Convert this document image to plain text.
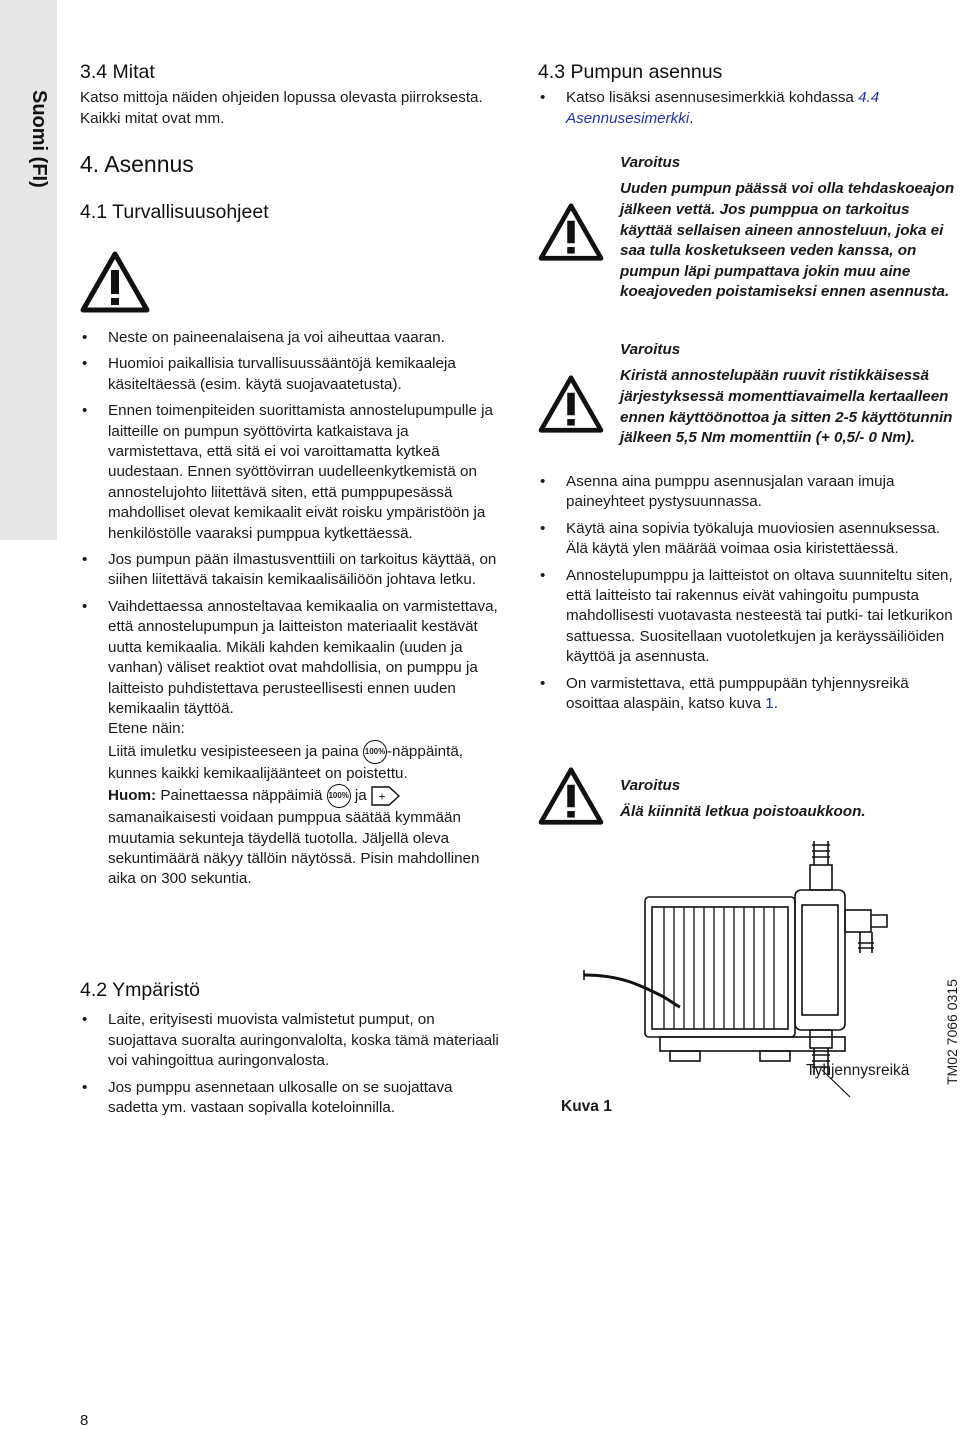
Suomi (FI)
3.4 Mitat

Katso mittoja näiden ohjeiden lopussa olevasta piirroksesta. Kaikki mitat ovat mm.

4. Asennus
4.1 Turvallisuusohjeet
• Neste on paineenalaisena ja voi aiheuttaa vaaran.
• Huomioi paikallisia turvallisuussääntöjä kemikaaleja käsiteltäessä (esim. käytä suojavaatetusta).
• Ennen toimenpiteiden suorittamista annostelupumpulle ja laitteille on pumpun syöttövirta katkaistava ja varmistettava, että sitä ei voi varoittamatta kytkeä uudestaan. Ennen syöttövirran uudelleenkytkemistä on annostelujohto liitettävä siten, että pumppupesässä mahdolliset olevat kemikaalit eivät roisku ympäristöön ja henkilöstölle vaaraksi pumppua kytkettäessä.
• Jos pumpun pään ilmastusventtiili on tarkoitus käyttää, on siihen liitettävä takaisin kemikaalisäiliöön johtava letku.

• Vaihdettaessa annosteltavaa kemikaalia on varmistettava, että annostelupumpun ja laitteiston materiaalit kestävät uutta kemikaalia. Mikäli kahden kemikaalin (uuden ja vanhan) väliset reaktiot ovat mahdollisia, on pumppu ja laitteisto puhdistettava perusteellisesti ennen uuden kemikaalin täyttöä.

Etene näin:

Liitä imuletku vesipisteeseen ja paina 100% -näppäintä, kunnes kaikki kemikaalijäänteet on poistettu.

Huom: Painettaessa näppäimiä 100% ja +
samanaikaisesti voidaan pumppua säätää kymmään muutamia sekunteja täydellä tuotolla. Jäljellä oleva sekuntimäärä näkyy tällöin näytössä. Pisin mahdollinen aika on 300 sekuntia.

4.2 Ympäristö
• Laite, erityisesti muovista valmistetut pumput, on suojattava suoralta auringonvalolta, koska tämä materiaali voi vahingoittua auringonvalosta.
• Jos pumppu asennetaan ulkosalle on se suojattava sadetta ym. vastaan sopivalla koteloinnilla.
4.3 Pumpun asennus
• Katso lisäksi asennusesimerkkiä kohdassa 4.4 Asennusesimerkki.
Varoitus
Uuden pumpun päässä voi olla tehdaskoeajon jälkeen vettä. Jos pumppua on tarkoitus käyttää sellaisen aineen annosteluun, joka ei saa tulla kosketukseen veden kanssa, on pumpun läpi pumpattava jokin muu aine koeajoveden poistamiseksi ennen asennusta.
Varoitus
Kiristä annostelupään ruuvit ristikkäisessä järjestyksessä momenttiavaimella kertaalleen ennen käyttöönottoa ja sitten 2-5 käyttötunnin jälkeen 5,5 Nm momenttiin (+ 0,5/- 0 Nm).
• Asenna aina pumppu asennusjalan varaan imuja paineyhteet pystysuunnassa.
• Käytä aina sopivia työkaluja muoviosien asennuksessa. Älä käytä ylen määrää voimaa osia kiristettäessä.
• Annostelupumppu ja laitteistot on oltava suunniteltu siten, että laitteisto tai rakennus eivät vahingoitu pumpusta mahdollisesti vuotavasta nesteestä tai putki- tai letkurikon sattuessa. Suositellaan vuotoletkujen ja keräyssäiliöiden käyttöä ja asennusta.
• On varmistettava, että pumppupään tyhjennysreikä osoittaa alaspäin, katso kuva 1.
Varoitus
Älä kiinnitä letkua poistoaukkoon.
Tyhjennysreikä
Kuva 1
TM02 7066 0315
8
